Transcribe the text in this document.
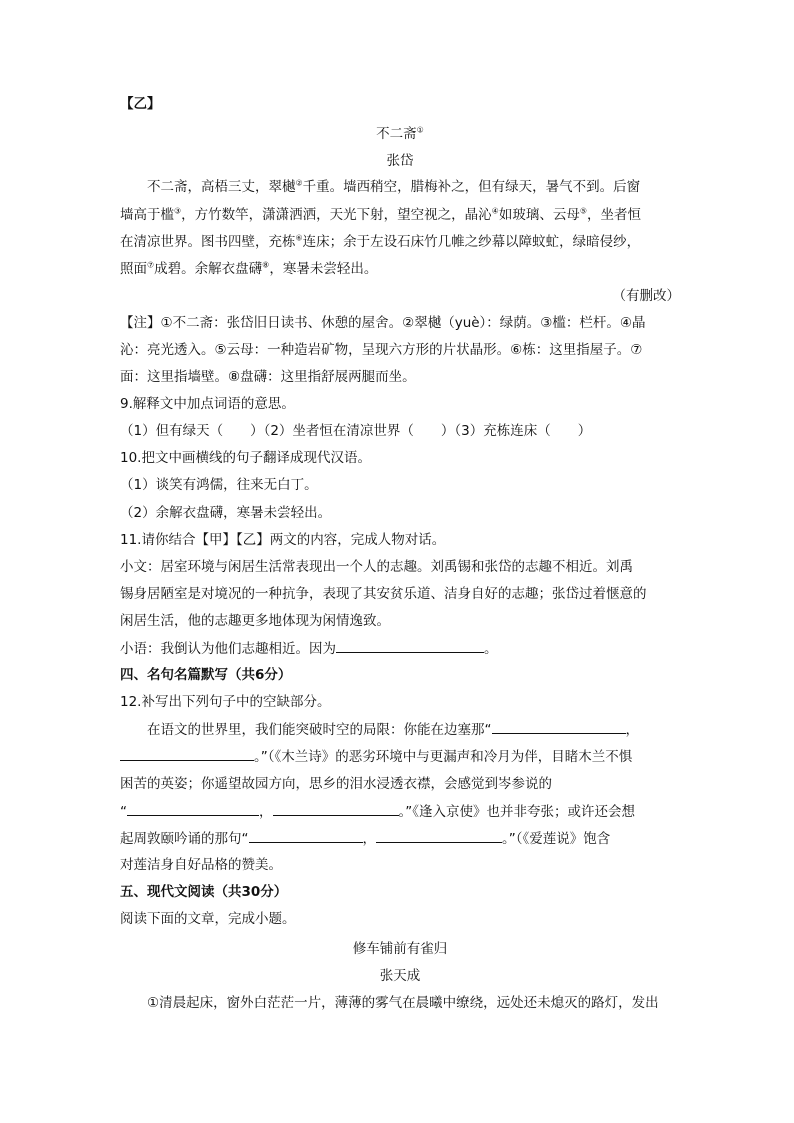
【乙】
不二斋①
张岱
不二斋，高梧三丈，翠樾②千重。墙西稍空，腊梅补之，但有绿天，暑气不到。后窗
墙高于槛③，方竹数竿，潇潇洒洒，天光下射，望空视之，晶沁④如玻璃、云母⑤，坐者恒
在清凉世界。图书四壁，充栋⑥连床；余于左设石床竹几帷之纱幕以障蚊虻，绿暗侵纱，
照面⑦成碧。余解衣盘礴⑧，寒暑未尝轻出。
（有删改）
【注】①不二斋：张岱旧日读书、休憩的屋舍。②翠樾（yuè）：绿荫。③槛：栏杆。④晶
沁：亮光透入。⑤云母：一种造岩矿物，呈现六方形的片状晶形。⑥栋：这里指屋子。⑦
面：这里指墙壁。⑧盘礴：这里指舒展两腿而坐。
9.解释文中加点词语的意思。
（1）但有绿天（　　）（2）坐者恒在清凉世界（　　）（3）充栋连床（　　）
10.把文中画横线的句子翻译成现代汉语。
（1）谈笑有鸿儒，往来无白丁。
（2）余解衣盘礴，寒暑未尝轻出。
11.请你结合【甲】【乙】两文的内容，完成人物对话。
小文：居室环境与闲居生活常表现出一个人的志趣。刘禹锡和张岱的志趣不相近。刘禹
锡身居陋室是对境况的一种抗争，表现了其安贫乐道、洁身自好的志趣；张岱过着惬意的
闲居生活，他的志趣更多地体现为闲情逸致。
小语：我倒认为他们志趣相近。因为	。
四、名句名篇默写（共6分）
12.补写出下列句子中的空缺部分。
在语文的世界里，我们能突破时空的局限：你能在边塞那“	，
。”（《木兰诗》的恶劣环境中与更漏声和冷月为伴，目睹木兰不惧
困苦的英姿；你遥望故园方向，思乡的泪水浸透衣襟，会感觉到岑参说的
“	，	。”《逢入京使》也并非夸张；或许还会想
起周敦颐吟诵的那句“	，	。”（《爱莲说》饱含
对莲洁身自好品格的赞美。
五、现代文阅读（共30分）
阅读下面的文章，完成小题。
修车铺前有雀归
张天成
①清晨起床，窗外白茫茫一片，薄薄的雾气在晨曦中缭绕，远处还未熄灭的路灯，发出
